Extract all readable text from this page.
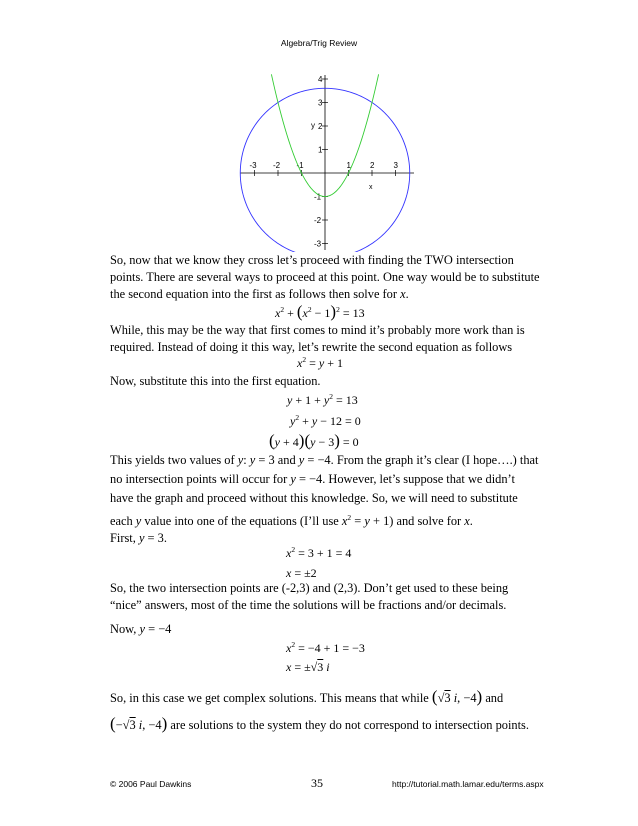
Algebra/Trig Review
-3 -2 -1	1 2 3
4
3
2
1
-1
-2
-3
y
x

So, now that we know they cross let’s proceed with finding the TWO intersection points. There are several ways to proceed at this point. One way would be to substitute the second equation into the first as follows then solve for x.

$x^2 + (x^2 - 1)^2 = 13$

While, this may be the way that first comes to mind it’s probably more work than is required. Instead of doing it this way, let’s rewrite the second equation as follows

$x^2 = y + 1$

Now, substitute this into the first equation.

$y + 1 + y^2 = 13$
$y^2 + y - 12 = 0$
(y + 4)(y − 3) = 0

This yields two values of y: y = 3 and y = −4. From the graph it’s clear (I hope….) that no intersection points will occur for y = −4. However, let’s suppose that we didn’t have the graph and proceed without this knowledge. So, we will need to substitute each y value into one of the equations (I’ll use $x^2 = y + 1$) and solve for x.

First, y = 3.

$x^2 = 3 + 1 = 4$
x = ±2

So, the two intersection points are (-2,3) and (2,3). Don’t get used to these being “nice” answers, most of the time the solutions will be fractions and/or decimals.

Now, y = −4

$x^2 = -4 + 1 = -3$
x = ±√3 i

So, in this case we get complex solutions. This means that while (√3 i, −4) and (−√3 i, −4) are solutions to the system they do not correspond to intersection points.

© 2006 Paul Dawkins	35	http://tutorial.math.lamar.edu/terms.aspx
